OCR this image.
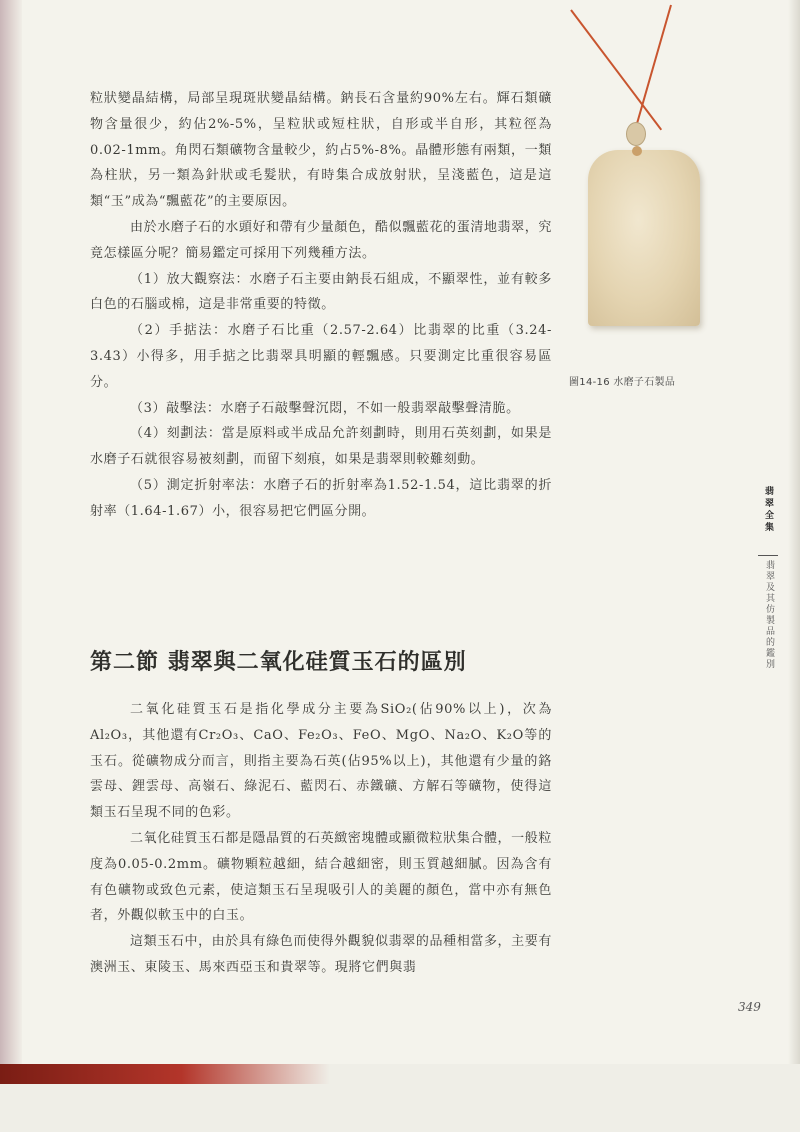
圖14-16 水磨子石製品

粒狀變晶結構，局部呈現斑狀變晶結構。鈉長石含量約90%左右。輝石類礦物含量很少，約佔2%-5%，呈粒狀或短柱狀，自形或半自形，其粒徑為0.02-1mm。角閃石類礦物含量較少，約占5%-8%。晶體形態有兩類，一類為柱狀，另一類為針狀或毛髮狀，有時集合成放射狀，呈淺藍色，這是這類“玉”成為“飄藍花”的主要原因。

由於水磨子石的水頭好和帶有少量顏色，酷似飄藍花的蛋清地翡翠，究竟怎樣區分呢？簡易鑑定可採用下列幾種方法。

（1）放大觀察法：水磨子石主要由鈉長石組成，不顯翠性，並有較多白色的石腦或棉，這是非常重要的特徵。

（2）手掂法：水磨子石比重（2.57-2.64）比翡翠的比重（3.24-3.43）小得多，用手掂之比翡翠具明顯的輕飄感。只要測定比重很容易區分。

（3）敲擊法：水磨子石敲擊聲沉悶，不如一般翡翠敲擊聲清脆。

（4）刻劃法：當是原料或半成品允許刻劃時，則用石英刻劃，如果是水磨子石就很容易被刻劃，而留下刻痕，如果是翡翠則較難刻動。

（5）測定折射率法：水磨子石的折射率為1.52-1.54，這比翡翠的折射率（1.64-1.67）小，很容易把它們區分開。

第二節 翡翠與二氧化硅質玉石的區別

二氧化硅質玉石是指化學成分主要為SiO₂(佔90%以上)，次為Al₂O₃，其他還有Cr₂O₃、CaO、Fe₂O₃、FeO、MgO、Na₂O、K₂O等的玉石。從礦物成分而言，則指主要為石英(佔95%以上)，其他還有少量的鉻雲母、鋰雲母、高嶺石、綠泥石、藍閃石、赤鐵礦、方解石等礦物，使得這類玉石呈現不同的色彩。

二氧化硅質玉石都是隱晶質的石英緻密塊體或顯微粒狀集合體，一般粒度為0.05-0.2mm。礦物顆粒越細，結合越細密，則玉質越細膩。因為含有有色礦物或致色元素，使這類玉石呈現吸引人的美麗的顏色，當中亦有無色者，外觀似軟玉中的白玉。

這類玉石中，由於具有綠色而使得外觀貌似翡翠的品種相當多，主要有澳洲玉、東陵玉、馬來西亞玉和貴翠等。現將它們與翡

翡翠全集
翡翠及其仿製品的鑑別
349
